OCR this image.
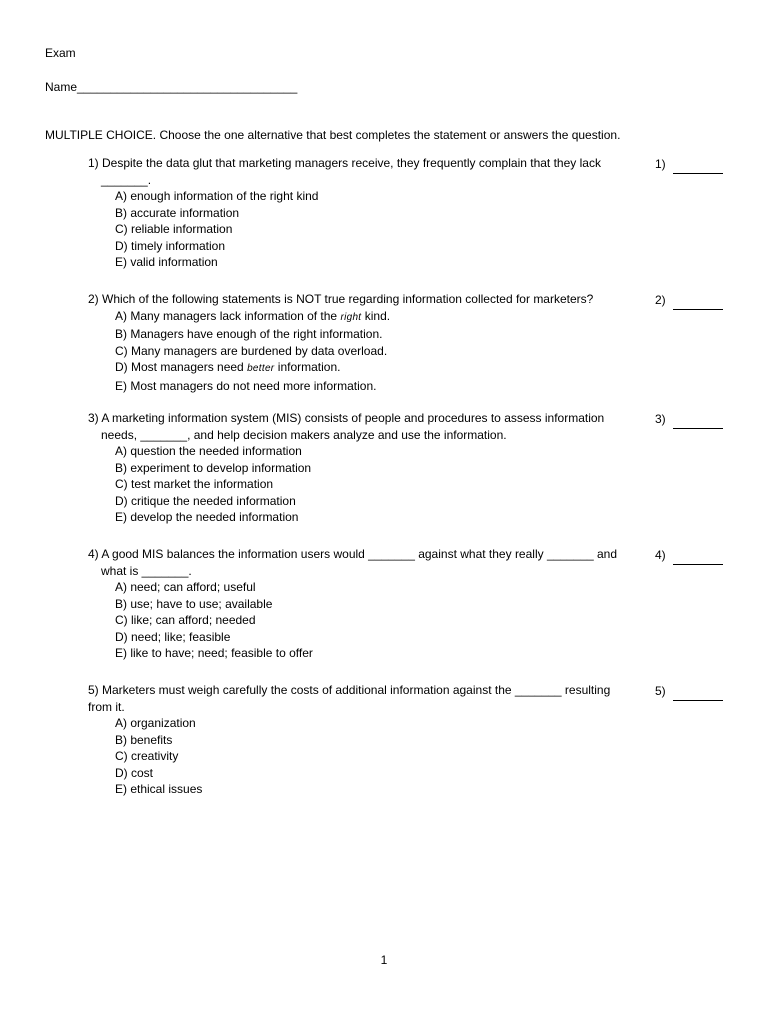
Exam
Name_________________________________
MULTIPLE CHOICE. Choose the one alternative that best completes the statement or answers the question.
1) Despite the data glut that marketing managers receive, they frequently complain that they lack
_______.
A) enough information of the right kind
B) accurate information
C) reliable information
D) timely information
E) valid information
1)
2) Which of the following statements is NOT true regarding information collected for marketers?
A) Many managers lack information of the right kind.
B) Managers have enough of the right information.
C) Many managers are burdened by data overload.
D) Most managers need better information.
E) Most managers do not need more information.
2)
3) A marketing information system (MIS) consists of people and procedures to assess information
needs, _______, and help decision makers analyze and use the information.
A) question the needed information
B) experiment to develop information
C) test market the information
D) critique the needed information
E) develop the needed information
3)
4) A good MIS balances the information users would _______ against what they really _______ and
what is _______.
A) need; can afford; useful
B) use; have to use; available
C) like; can afford; needed
D) need; like; feasible
E) like to have; need; feasible to offer
4)
5) Marketers must weigh carefully the costs of additional information against the _______ resulting
from it.
A) organization
B) benefits
C) creativity
D) cost
E) ethical issues
5)
1
